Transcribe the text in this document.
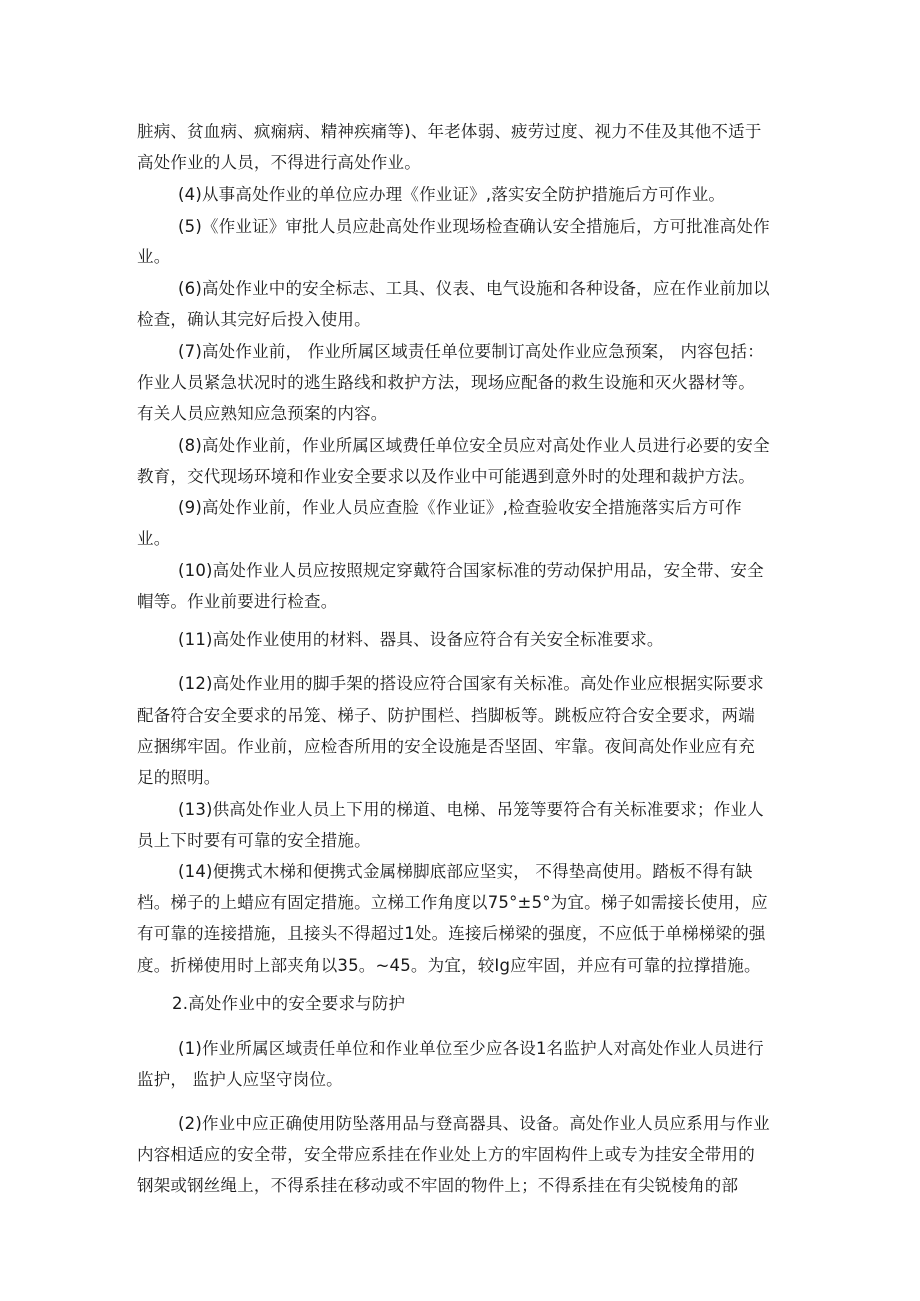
脏病、贫血病、疯痫病、精神疾痛等)、年老体弱、疲劳过度、视力不佳及其他不适于
高处作业的人员，不得进行高处作业。
(4)从事高处作业的单位应办理《作业证》,落实安全防护措施后方可作业。
(5)《作业证》审批人员应赴高处作业现场检查确认安全措施后，方可批准高处作
业。
(6)高处作业中的安全标志、工具、仪表、电气设施和各种设备，应在作业前加以
检查，确认其完好后投入使用。
(7)高处作业前， 作业所属区域责任单位要制订高处作业应急预案， 内容包括：
作业人员紧急状况时的逃生路线和救护方法，现场应配备的救生设施和灭火器材等。
有关人员应熟知应急预案的内容。
(8)高处作业前，作业所属区域费任单位安全员应对高处作业人员进行必要的安全
教育，交代现场环境和作业安全要求以及作业中可能遇到意外时的处理和裁护方法。
(9)高处作业前，作业人员应查脸《作业证》,检查验收安全措施落实后方可作
业。
(10)高处作业人员应按照规定穿戴符合国家标准的劳动保护用品，安全带、安全
帽等。作业前要进行检查。
(11)高处作业使用的材料、器具、设备应符合有关安全标准要求。
(12)高处作业用的脚手架的搭设应符合国家有关标准。高处作业应根据实际要求
配备符合安全要求的吊笼、梯子、防护围栏、挡脚板等。跳板应符合安全要求，两端
应捆绑牢固。作业前，应检杳所用的安全设施是否坚固、牢靠。夜间高处作业应有充
足的照明。
(13)供高处作业人员上下用的梯道、电梯、吊笼等要符合有关标准要求；作业人
员上下时要有可靠的安全措施。
(14)便携式木梯和便携式金属梯脚底部应坚实， 不得垫高使用。踏板不得有缺
档。梯子的上蜡应有固定措施。立梯工作角度以75°±5°为宜。梯子如需接长使用，应
有可靠的连接措施，且接头不得超过1处。连接后梯梁的强度，不应低于单梯梯梁的强
度。折梯使用时上部夹角以35。~45。为宜，较Ig应牢固，并应有可靠的拉撑措施。
2.高处作业中的安全要求与防护
(1)作业所属区域责任单位和作业单位至少应各设1名监护人对高处作业人员进行
监护， 监护人应坚守岗位。
(2)作业中应正确使用防坠落用品与登高器具、设备。高处作业人员应系用与作业
内容相适应的安全带，安全带应系挂在作业处上方的牢固构件上或专为挂安全带用的
钢架或钢丝绳上，不得系挂在移动或不牢固的物件上；不得系挂在有尖锐棱角的部
